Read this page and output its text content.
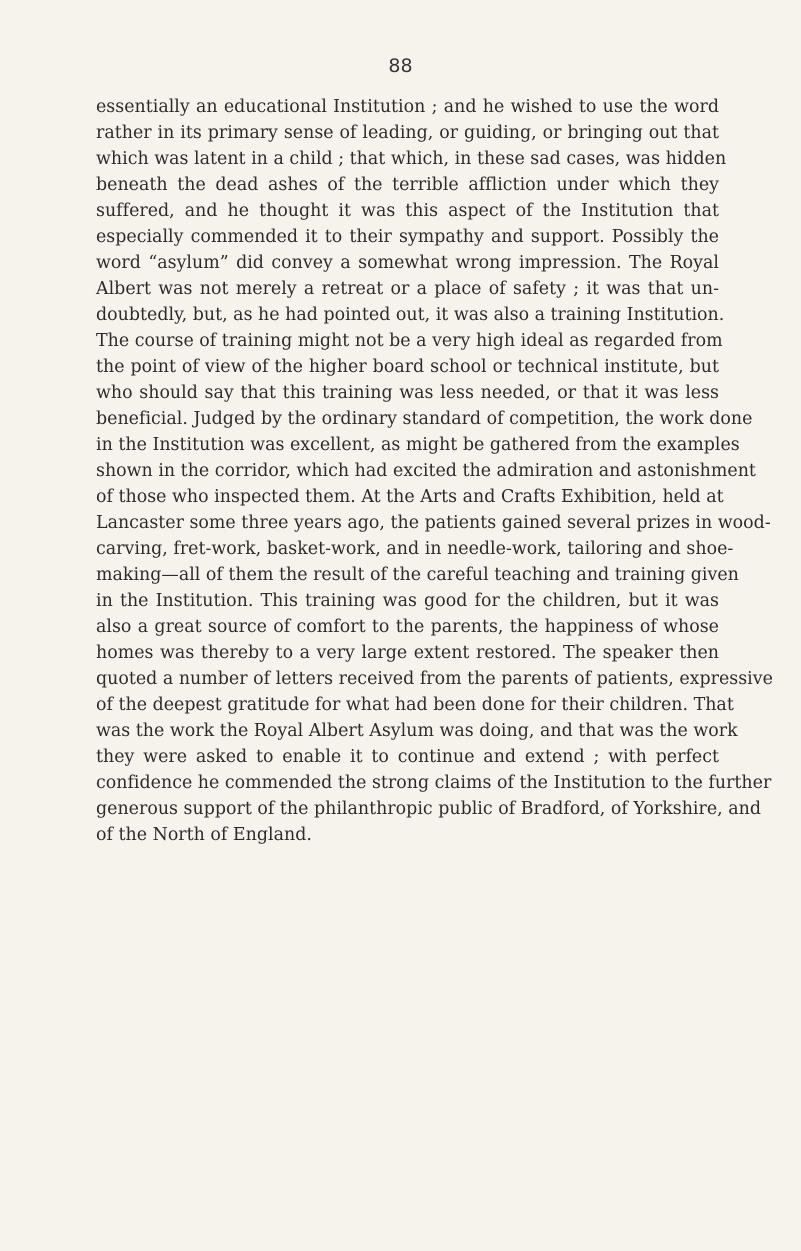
88
essentially an educational Institution ; and he wished to use the word
rather in its primary sense of leading, or guiding, or bringing out that
which was latent in a child ; that which, in these sad cases, was hidden
beneath the dead ashes of the terrible affliction under which they
suffered, and he thought it was this aspect of the Institution that
especially commended it to their sympathy and support. Possibly the
word “asylum” did convey a somewhat wrong impression. The Royal
Albert was not merely a retreat or a place of safety ; it was that un-
doubtedly, but, as he had pointed out, it was also a training Institution.
The course of training might not be a very high ideal as regarded from
the point of view of the higher board school or technical institute, but
who should say that this training was less needed, or that it was less
beneficial. Judged by the ordinary standard of competition, the work done
in the Institution was excellent, as might be gathered from the examples
shown in the corridor, which had excited the admiration and astonishment
of those who inspected them. At the Arts and Crafts Exhibition, held at
Lancaster some three years ago, the patients gained several prizes in wood-
carving, fret-work, basket-work, and in needle-work, tailoring and shoe-
making—all of them the result of the careful teaching and training given
in the Institution. This training was good for the children, but it was
also a great source of comfort to the parents, the happiness of whose
homes was thereby to a very large extent restored. The speaker then
quoted a number of letters received from the parents of patients, expressive
of the deepest gratitude for what had been done for their children. That
was the work the Royal Albert Asylum was doing, and that was the work
they were asked to enable it to continue and extend ; with perfect
confidence he commended the strong claims of the Institution to the further
generous support of the philanthropic public of Bradford, of Yorkshire, and
of the North of England.
